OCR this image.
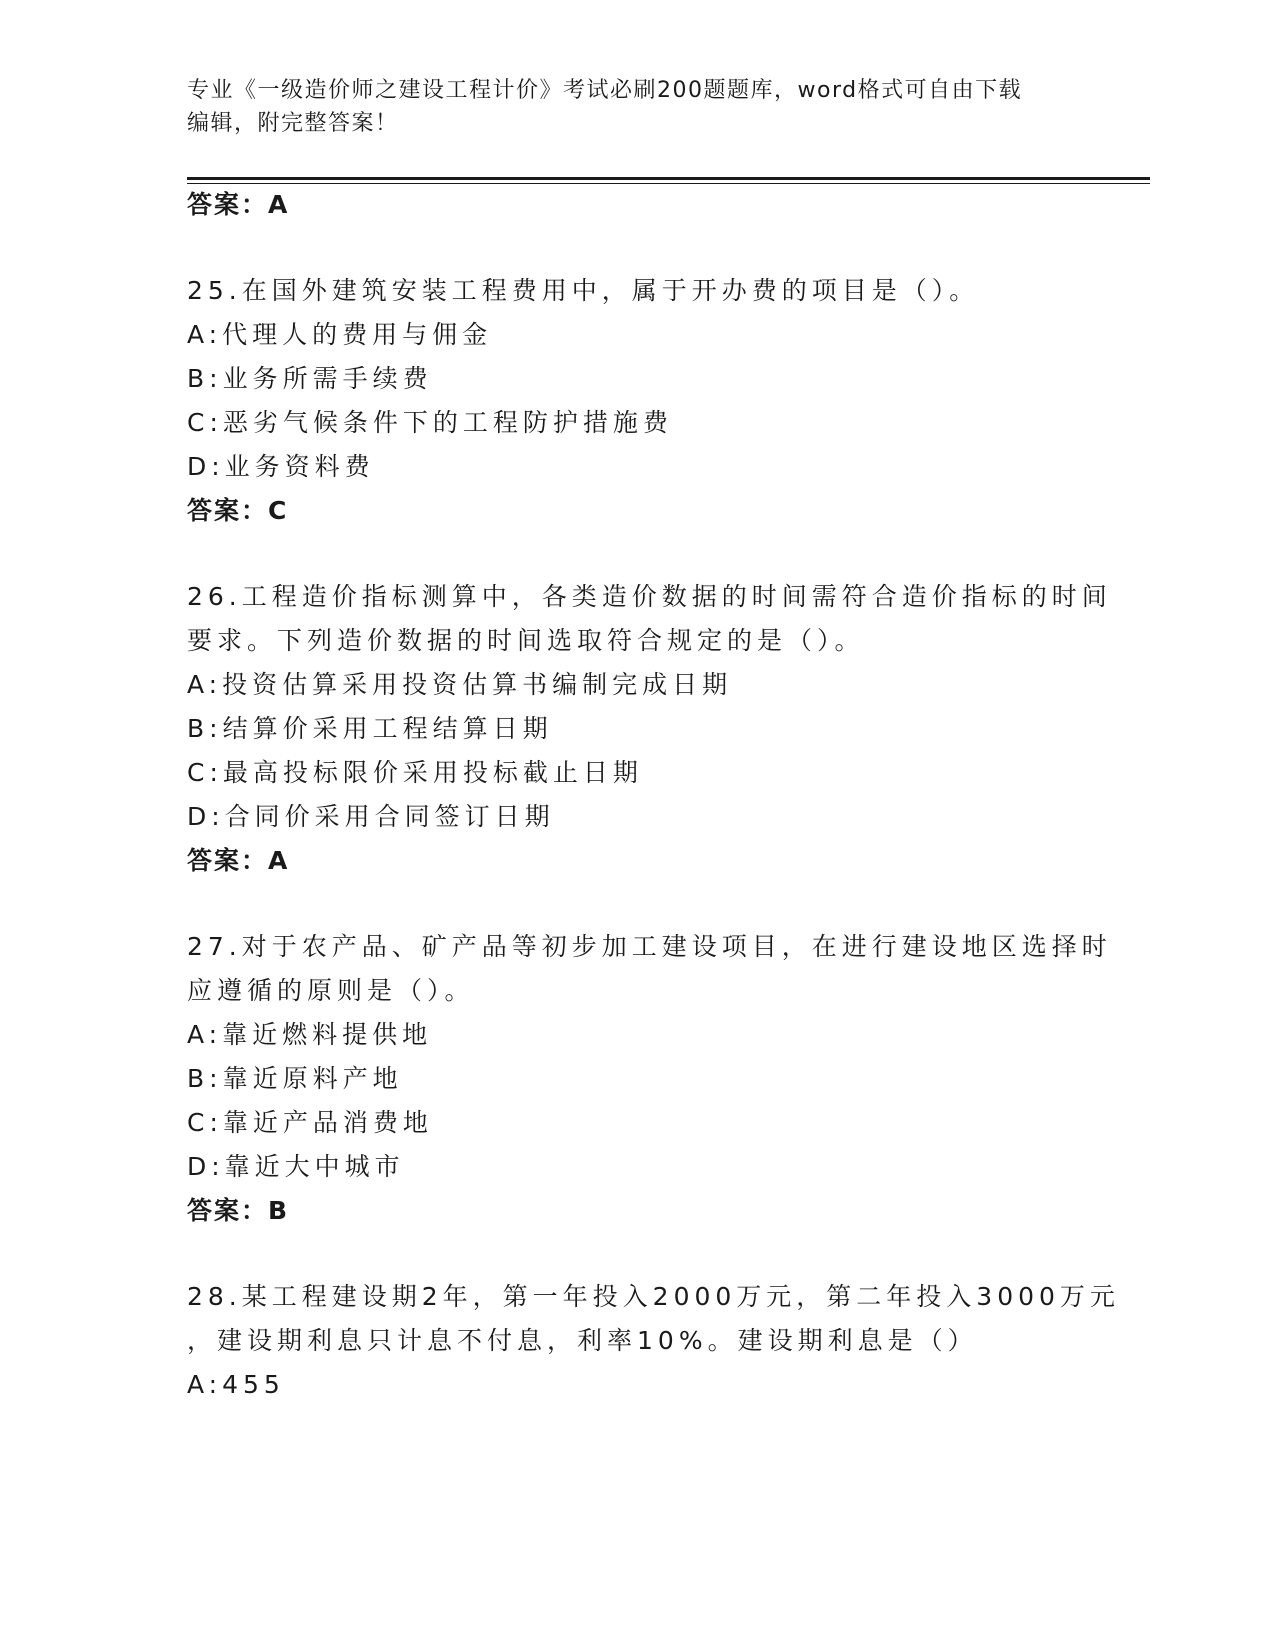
专业《一级造价师之建设工程计价》考试必刷200题题库，word格式可自由下载
编辑，附完整答案！
答案：A
25.在国外建筑安装工程费用中，属于开办费的项目是（）。
A:代理人的费用与佣金
B:业务所需手续费
C:恶劣气候条件下的工程防护措施费
D:业务资料费
答案：C
26.工程造价指标测算中，各类造价数据的时间需符合造价指标的时间
要求。下列造价数据的时间选取符合规定的是（）。
A:投资估算采用投资估算书编制完成日期
B:结算价采用工程结算日期
C:最高投标限价采用投标截止日期
D:合同价采用合同签订日期
答案：A
27.对于农产品、矿产品等初步加工建设项目，在进行建设地区选择时
应遵循的原则是（）。
A:靠近燃料提供地
B:靠近原料产地
C:靠近产品消费地
D:靠近大中城市
答案：B
28.某工程建设期2年，第一年投入2000万元，第二年投入3000万元
，建设期利息只计息不付息，利率10%。建设期利息是（）
A:455
